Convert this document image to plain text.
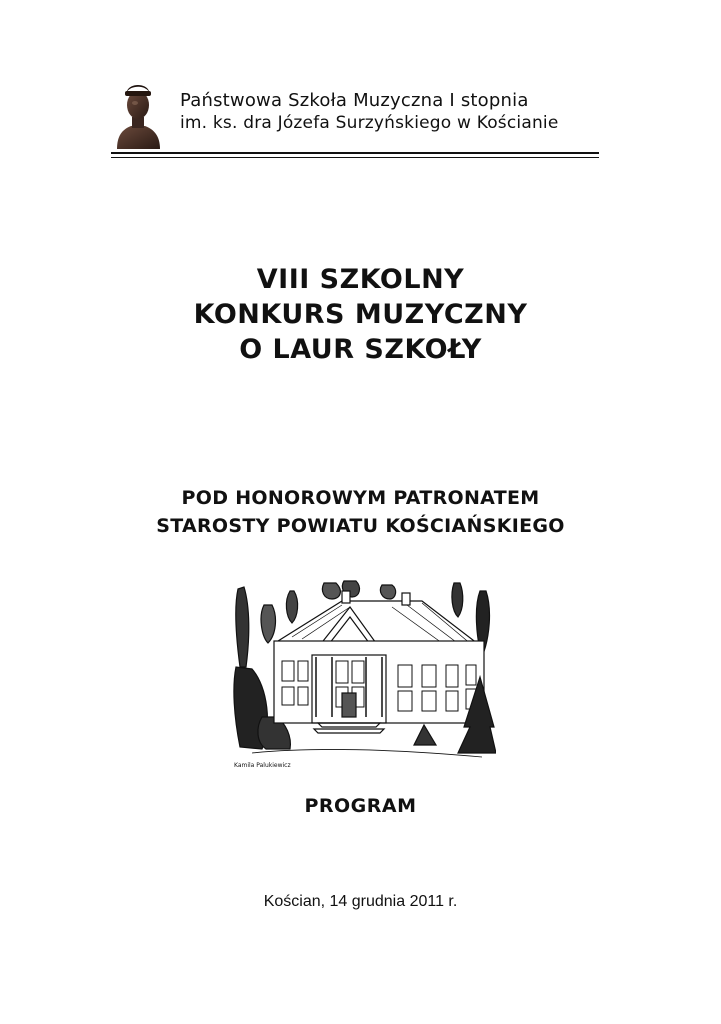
Państwowa Szkoła Muzyczna I stopnia
im. ks. dra Józefa Surzyńskiego w Kościanie
VIII SZKOLNY
KONKURS MUZYCZNY
O LAUR SZKOŁY
POD HONOROWYM PATRONATEM
STAROSTY POWIATU KOŚCIAŃSKIEGO
Kamila Palukiewicz
PROGRAM
Kościan, 14 grudnia 2011 r.
